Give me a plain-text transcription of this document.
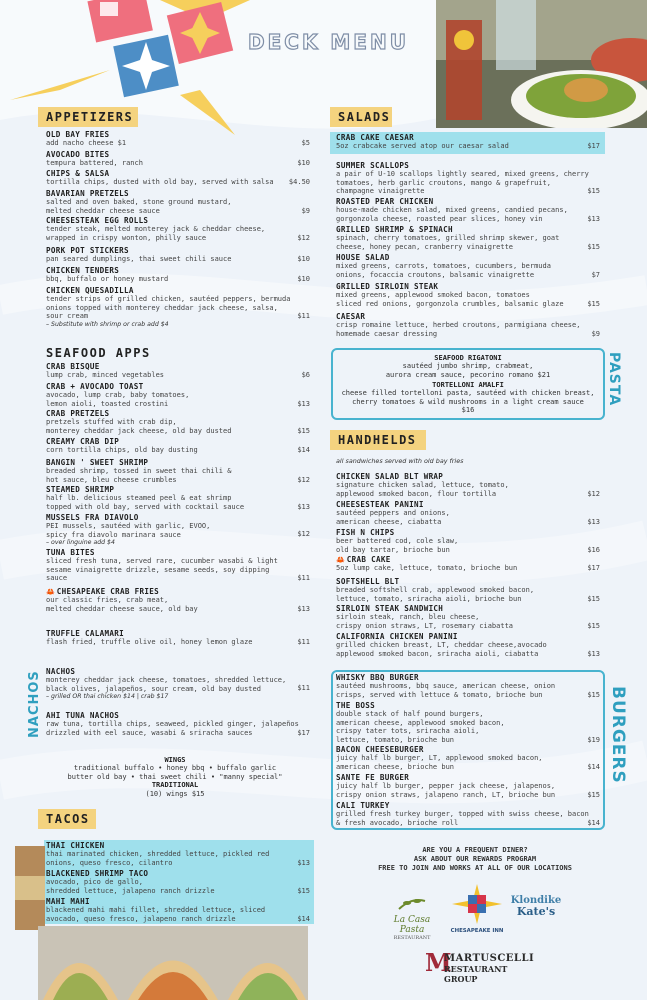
DECK MENU
APPETIZERS
SEAFOOD APPS
NACHOS
WINGS
traditional buffalo • honey bbq • buffalo garlic
butter old bay • thai sweet chili • "manny special"
TRADITIONAL
(10) wings $15
TACOS
SALADS
PASTA
SEAFOOD RIGATONI
sautéed jumbo shrimp, crabmeat,
aurora cream sauce, pecorino romano $21
TORTELLONI AMALFI
cheese filled tortelloni pasta, sautéed with chicken breast,
cherry tomatoes & wild mushrooms in a light cream sauce
$16
HANDHELDS
all sandwiches served with old bay fries
BURGERS
ARE YOU A FREQUENT DINER?
ASK ABOUT OUR REWARDS PROGRAM
FREE TO JOIN AND WORKS AT ALL OF OUR LOCATIONS
La Casa Pasta
RESTAURANT
CHESAPEAKE INN
Klondike
Kate's
M
MARTUSCELLI
RESTAURANT GROUP
OLD BAY FRIES
add nacho cheese $1	$5
AVOCADO BITES
tempura battered, ranch	$10
CHIPS & SALSA
tortilla chips, dusted with old bay, served with salsa	$4.50
BAVARIAN PRETZELS
salted and oven baked, stone ground mustard,
melted cheddar cheese sauce	$9
CHEESESTEAK EGG ROLLS
tender steak, melted monterey jack & cheddar cheese,
wrapped in crispy wonton, philly sauce	$12
PORK POT STICKERS
pan seared dumplings, thai sweet chili sauce	$10
CHICKEN TENDERS
bbq, buffalo or honey mustard	$10
CHICKEN QUESADILLA
tender strips of grilled chicken, sautéed peppers, bermuda
onions topped with monterey cheddar jack cheese, salsa,
sour cream
– Substitute with shrimp or crab add $4
$11
CRAB BISQUE
lump crab, minced vegetables	$6
CRAB + AVOCADO TOAST
avocado, lump crab, baby tomatoes,
lemon aioli, toasted crostini	$13
CRAB PRETZELS
pretzels stuffed with crab dip,
monterey cheddar jack cheese, old bay dusted	$15
CREAMY CRAB DIP
corn tortilla chips, old bay dusting	$14
BANGIN ' SWEET SHRIMP
breaded shrimp, tossed in sweet thai chili &
hot sauce, bleu cheese crumbles	$12
STEAMED SHRIMP
half lb. delicious steamed peel & eat shrimp
topped with old bay, served with cocktail sauce	$13
MUSSELS FRA DIAVOLO
PEI mussels, sautéed with garlic, EVOO,
spicy fra diavolo marinara sauce
– over linguine add $4
$12
TUNA BITES
sliced fresh tuna, served rare, cucumber wasabi & light
sesame vinaigrette drizzle, sesame seeds, soy dipping
sauce	$11
🦀 CHESAPEAKE CRAB FRIES
our classic fries, crab meat,
melted cheddar cheese sauce, old bay	$13
TRUFFLE CALAMARI
flash fried, truffle olive oil, honey lemon glaze	$11
NACHOS
monterey cheddar jack cheese, tomatoes, shredded lettuce,
black olives, jalapeños, sour cream, old bay dusted
– grilled OR thai chicken $14 | crab $17
$11
AHI TUNA NACHOS
raw tuna, tortilla chips, seaweed, pickled ginger, jalapeños
drizzled with eel sauce, wasabi & sriracha sauces	$17
THAI CHICKEN
thai marinated chicken, shredded lettuce, pickled red
onions, queso fresco, cilantro	$13
BLACKENED SHRIMP TACO
avocado, pico de gallo,
shredded lettuce, jalapeno ranch drizzle	$15
MAHI MAHI
blackened mahi mahi fillet, shredded lettuce, sliced
avocado, queso fresco, jalapeno ranch drizzle	$14
CRAB CAKE CAESAR
5oz crabcake served atop our caesar salad	$17
SUMMER SCALLOPS
a pair of U-10 scallops lightly seared, mixed greens, cherry
tomatoes, herb garlic croutons, mango & grapefruit,
champagne vinaigrette	$15
ROASTED PEAR CHICKEN
house-made chicken salad, mixed greens, candied pecans,
gorgonzola cheese, roasted pear slices, honey vin	$13
GRILLED SHRIMP & SPINACH
spinach, cherry tomatoes, grilled shrimp skewer, goat
cheese, honey pecan, cranberry vinaigrette	$15
HOUSE SALAD
mixed greens, carrots, tomatoes, cucumbers, bermuda
onions, focaccia croutons, balsamic vinaigrette	$7
GRILLED SIRLOIN STEAK
mixed greens, applewood smoked bacon, tomatoes
sliced red onions, gorgonzola crumbles, balsamic glaze	$15
CAESAR
crisp romaine lettuce, herbed croutons, parmigiana cheese,
homemade caesar dressing	$9
CHICKEN SALAD BLT WRAP
signature chicken salad, lettuce, tomato,
applewood smoked bacon, flour tortilla	$12
CHEESESTEAK PANINI
sautéed peppers and onions,
american cheese, ciabatta	$13
FISH N CHIPS
beer battered cod, cole slaw,
old bay tartar, brioche bun	$16
🦀 CRAB CAKE
5oz lump cake, lettuce, tomato, brioche bun	$17
SOFTSHELL BLT
breaded softshell crab, applewood smoked bacon,
lettuce, tomato, sriracha aioli, brioche bun	$15
SIRLOIN STEAK SANDWICH
sirloin steak, ranch, bleu cheese,
crispy onion straws, LT, rosemary ciabatta	$15
CALIFORNIA CHICKEN PANINI
grilled chicken breast, LT, cheddar cheese,avocado
applewood smoked bacon, sriracha aioli, ciabatta	$13
WHISKY BBQ BURGER
sautéed mushrooms, bbq sauce, american cheese, onion
crisps, served with lettuce & tomato, brioche bun	$15
THE BOSS
double stack of half pound burgers,
american cheese, applewood smoked bacon,
crispy tater tots, sriracha aioli,
lettuce, tomato, brioche bun	$19
BACON CHEESEBURGER
juicy half lb burger, LT, applewood smoked bacon,
american cheese, brioche bun	$14
SANTE FE BURGER
juicy half lb burger, pepper jack cheese, jalapenos,
crispy onion straws, jalapeno ranch, LT, brioche bun	$15
CALI TURKEY
grilled fresh turkey burger, topped with swiss cheese, bacon
& fresh avocado, brioche roll	$14
